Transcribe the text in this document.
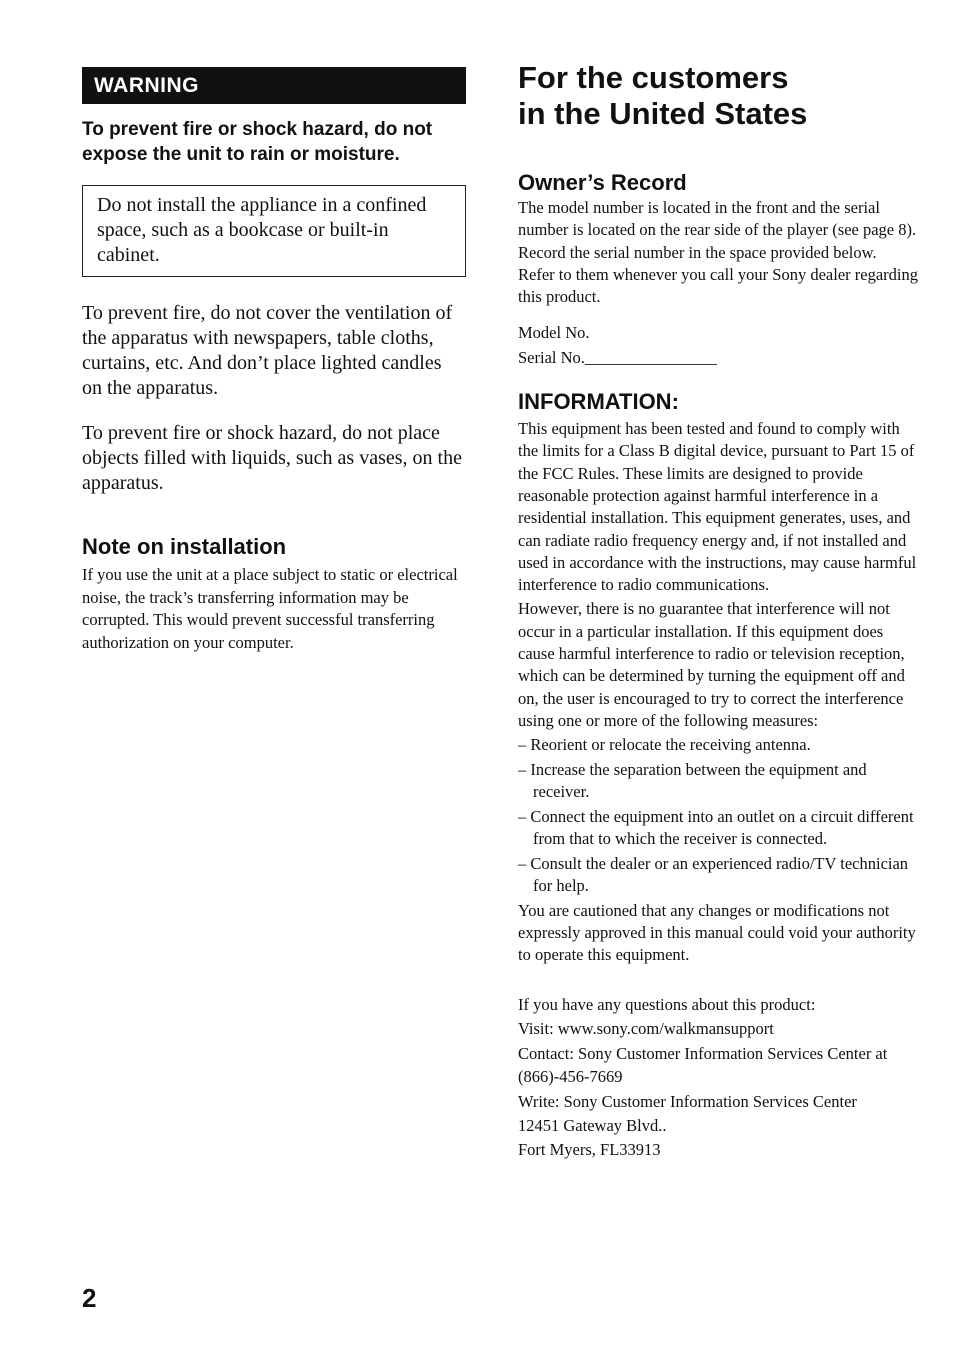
WARNING
To prevent fire or shock hazard, do not expose the unit to rain or moisture.
Do not install the appliance in a confined space, such as a bookcase or built-in cabinet.
To prevent fire, do not cover the ventilation of the apparatus with newspapers, table cloths, curtains, etc. And don’t place lighted candles on the apparatus.
To prevent fire or shock hazard, do not place objects filled with liquids, such as vases, on the apparatus.
Note on installation
If you use the unit at a place subject to static or electrical noise, the track’s transferring information may be corrupted. This would prevent successful transferring authorization on your computer.
For the customers
in the United States
Owner’s Record

The model number is located in the front and the serial number is located on the rear side of the player (see page 8). Record the serial number in the space provided below.

Refer to them whenever you call your Sony dealer regarding this product.

Model No.

Serial No.________________

INFORMATION:

This equipment has been tested and found to comply with the limits for a Class B digital device, pursuant to Part 15 of the FCC Rules. These limits are designed to provide reasonable protection against harmful interference in a residential installation. This equipment generates, uses, and can radiate radio frequency energy and, if not installed and used in accordance with the instructions, may cause harmful interference to radio communications.

However, there is no guarantee that interference will not occur in a particular installation. If this equipment does cause harmful interference to radio or television reception, which can be determined by turning the equipment off and on, the user is encouraged to try to correct the interference using one or more of the following measures:

– Reorient or relocate the receiving antenna.
– Increase the separation between the equipment and receiver.
– Connect the equipment into an outlet on a circuit different from that to which the receiver is connected.
– Consult the dealer or an experienced radio/TV technician for help.

You are cautioned that any changes or modifications not expressly approved in this manual could void your authority to operate this equipment.

If you have any questions about this product:

Visit: www.sony.com/walkmansupport

Contact: Sony Customer Information Services Center at (866)-456-7669

Write: Sony Customer Information Services Center

12451 Gateway Blvd..

Fort Myers, FL33913

2
